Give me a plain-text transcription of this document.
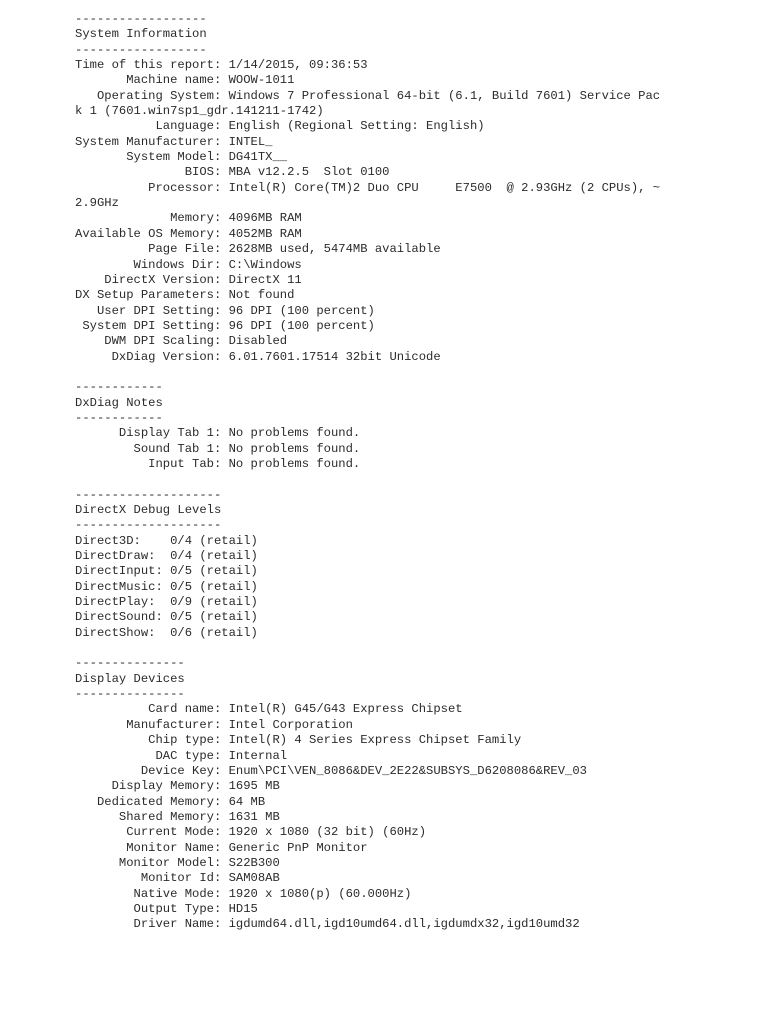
------------------
System Information
------------------
Time of this report: 1/14/2015, 09:36:53
Machine name: WOOW-1011
Operating System: Windows 7 Professional 64-bit (6.1, Build 7601) Service Pac
k 1 (7601.win7sp1_gdr.141211-1742)
Language: English (Regional Setting: English)
System Manufacturer: INTEL_
System Model: DG41TX__
BIOS: MBA v12.2.5  Slot 0100
Processor: Intel(R) Core(TM)2 Duo CPU     E7500  @ 2.93GHz (2 CPUs), ~
2.9GHz
Memory: 4096MB RAM
Available OS Memory: 4052MB RAM
Page File: 2628MB used, 5474MB available
Windows Dir: C:\Windows
DirectX Version: DirectX 11
DX Setup Parameters: Not found
User DPI Setting: 96 DPI (100 percent)
System DPI Setting: 96 DPI (100 percent)
DWM DPI Scaling: Disabled
DxDiag Version: 6.01.7601.17514 32bit Unicode
------------
DxDiag Notes
------------
Display Tab 1: No problems found.
Sound Tab 1: No problems found.
Input Tab: No problems found.
--------------------
DirectX Debug Levels
--------------------
Direct3D:    0/4 (retail)
DirectDraw:  0/4 (retail)
DirectInput: 0/5 (retail)
DirectMusic: 0/5 (retail)
DirectPlay:  0/9 (retail)
DirectSound: 0/5 (retail)
DirectShow:  0/6 (retail)
---------------
Display Devices
---------------
Card name: Intel(R) G45/G43 Express Chipset
Manufacturer: Intel Corporation
Chip type: Intel(R) 4 Series Express Chipset Family
DAC type: Internal
Device Key: Enum\PCI\VEN_8086&DEV_2E22&SUBSYS_D6208086&REV_03
Display Memory: 1695 MB
Dedicated Memory: 64 MB
Shared Memory: 1631 MB
Current Mode: 1920 x 1080 (32 bit) (60Hz)
Monitor Name: Generic PnP Monitor
Monitor Model: S22B300
Monitor Id: SAM08AB
Native Mode: 1920 x 1080(p) (60.000Hz)
Output Type: HD15
Driver Name: igdumd64.dll,igd10umd64.dll,igdumdx32,igd10umd32
